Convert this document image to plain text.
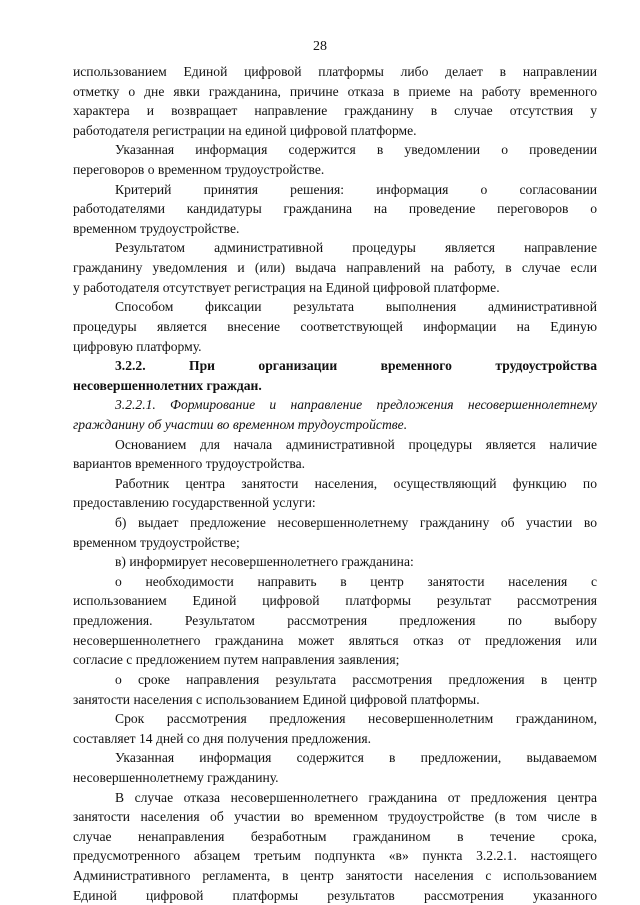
28
использованием Единой цифровой платформы либо делает в направлении
отметку о дне явки гражданина, причине отказа в приеме на работу временного
характера и возвращает направление гражданину в случае отсутствия у
работодателя регистрации на единой цифровой платформе.
Указанная информация содержится в уведомлении о проведении
переговоров о временном трудоустройстве.
Критерий принятия решения: информация о согласовании
работодателями кандидатуры гражданина на проведение переговоров о
временном трудоустройстве.
Результатом административной процедуры является направление
гражданину уведомления и (или) выдача направлений на работу, в случае если
у работодателя отсутствует регистрация на Единой цифровой платформе.
Способом фиксации результата выполнения административной
процедуры является внесение соответствующей информации на Единую
цифровую платформу.
3.2.2. При организации временного трудоустройства
несовершеннолетних граждан.
3.2.2.1. Формирование и направление предложения несовершеннолетнему
гражданину об участии во временном трудоустройстве.
Основанием для начала административной процедуры является наличие
вариантов временного трудоустройства.
Работник центра занятости населения, осуществляющий функцию по
предоставлению государственной услуги:
б) выдает предложение несовершеннолетнему гражданину об участии во
временном трудоустройстве;
в) информирует несовершеннолетнего гражданина:
о необходимости направить в центр занятости населения с
использованием Единой цифровой платформы результат рассмотрения
предложения. Результатом рассмотрения предложения по выбору
несовершеннолетнего гражданина может являться отказ от предложения или
согласие с предложением путем направления заявления;
о сроке направления результата рассмотрения предложения в центр
занятости населения с использованием Единой цифровой платформы.
Срок рассмотрения предложения несовершеннолетним гражданином,
составляет 14 дней со дня получения предложения.
Указанная информация содержится в предложении, выдаваемом
несовершеннолетнему гражданину.
В случае отказа несовершеннолетнего гражданина от предложения центра
занятости населения об участии во временном трудоустройстве (в том числе в
случае ненаправления безработным гражданином в течение срока,
предусмотренного абзацем третьим подпункта «в» пункта 3.2.2.1. настоящего
Административного регламента, в центр занятости населения с использованием
Единой цифровой платформы результатов рассмотрения указанного
